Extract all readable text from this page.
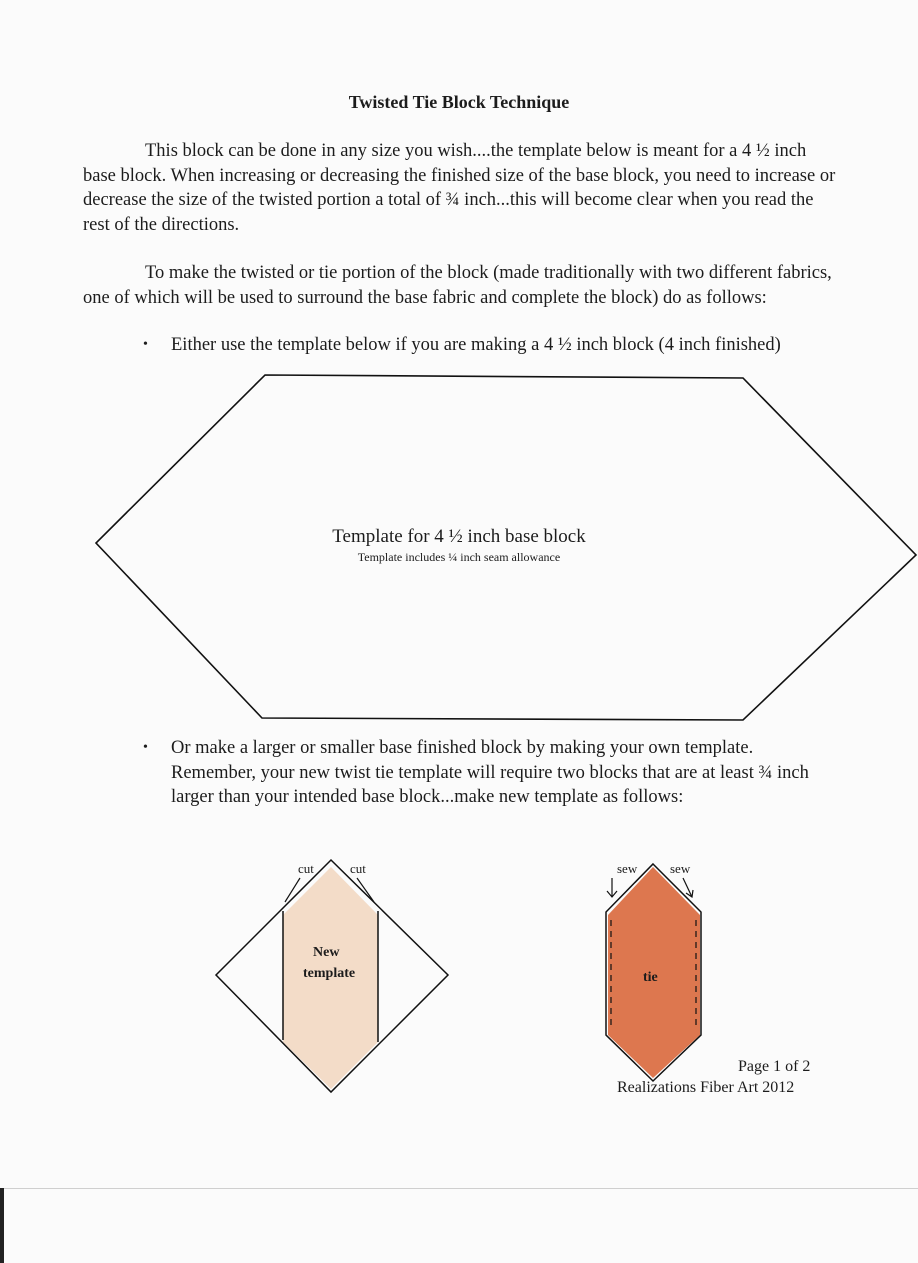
Twisted Tie Block Technique
This block can be done in any size you wish....the template below is meant for a 4 ½ inch base block. When increasing or decreasing the finished size of the base block, you need to increase or decrease the size of the twisted portion a total of ¾ inch...this will become clear when you read the rest of the directions.
To make the twisted or tie portion of the block (made traditionally with two different fabrics, one of which will be used to surround the base fabric and complete the block) do as follows:
• Either use the template below if you are making a 4 ½ inch block (4 inch finished)
Template for 4 ½ inch base block
Template includes ¼ inch seam allowance
• Or make a larger or smaller base finished block by making your own template. Remember, your new twist tie template will require two blocks that are at least ¾ inch larger than your intended base block...make new template as follows:
cut	cut
New
template
sew	sew
tie
Page 1 of 2
Realizations Fiber Art 2012
